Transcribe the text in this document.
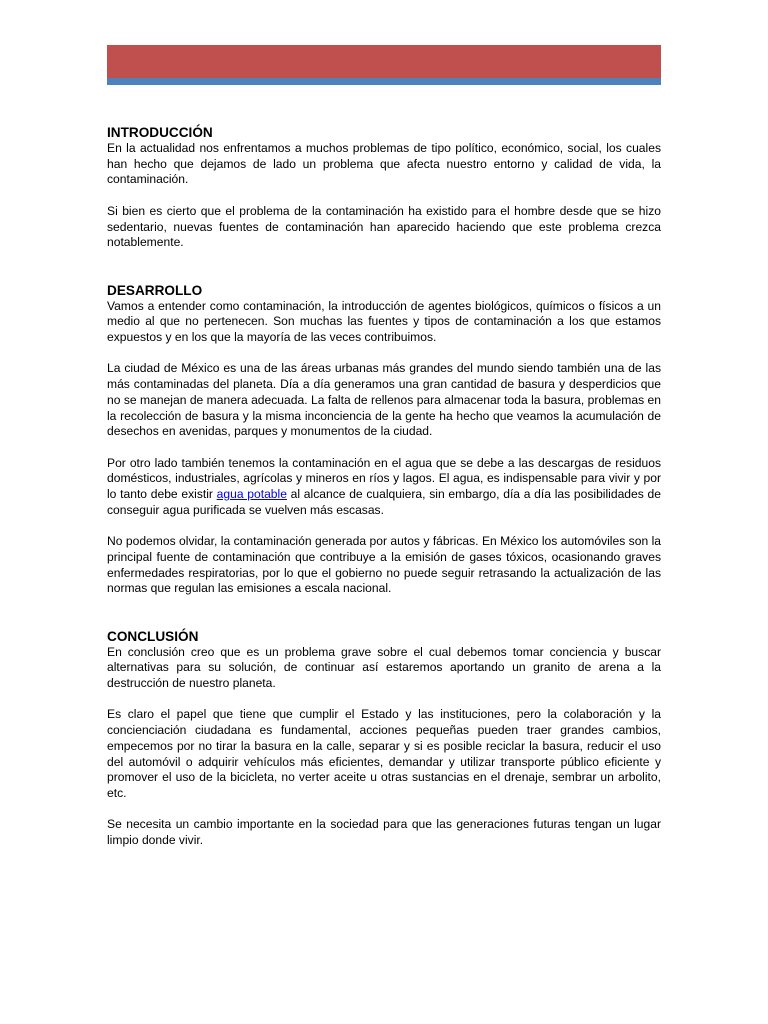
INTRODUCCIÓN

En la actualidad nos enfrentamos a muchos problemas de tipo político, económico, social, los cuales han hecho que dejamos de lado un problema que afecta nuestro entorno y calidad de vida, la contaminación.

Si bien es cierto que el problema de la contaminación ha existido para el hombre desde que se hizo sedentario, nuevas fuentes de contaminación han aparecido haciendo que este problema crezca notablemente.

DESARROLLO

Vamos a entender como contaminación, la introducción de agentes biológicos, químicos o físicos a un medio al que no pertenecen. Son muchas las fuentes y tipos de contaminación a los que estamos expuestos y en los que la mayoría de las veces contribuimos.

La ciudad de México es una de las áreas urbanas más grandes del mundo siendo también una de las más contaminadas del planeta. Día a día generamos una gran cantidad de basura y desperdicios que no se manejan de manera adecuada. La falta de rellenos para almacenar toda la basura, problemas en la recolección de basura y la misma inconciencia de la gente ha hecho que veamos la acumulación de desechos en avenidas, parques y monumentos de la ciudad.

Por otro lado también tenemos la contaminación en el agua que se debe a las descargas de residuos domésticos, industriales, agrícolas y mineros en ríos y lagos. El agua, es indispensable para vivir y por lo tanto debe existir agua potable al alcance de cualquiera, sin embargo, día a día las posibilidades de conseguir agua purificada se vuelven más escasas.

No podemos olvidar, la contaminación generada por autos y fábricas. En México los automóviles son la principal fuente de contaminación que contribuye a la emisión de gases tóxicos, ocasionando graves enfermedades respiratorias, por lo que el gobierno no puede seguir retrasando la actualización de las normas que regulan las emisiones a escala nacional.

CONCLUSIÓN

En conclusión creo que es un problema grave sobre el cual debemos tomar conciencia y buscar alternativas para su solución, de continuar así estaremos aportando un granito de arena a la destrucción de nuestro planeta.

Es claro el papel que tiene que cumplir el Estado y las instituciones, pero la colaboración y la concienciación ciudadana es fundamental, acciones pequeñas pueden traer grandes cambios, empecemos por no tirar la basura en la calle, separar y si es posible reciclar la basura, reducir el uso del automóvil o adquirir vehículos más eficientes, demandar y utilizar transporte público eficiente y promover el uso de la bicicleta, no verter aceite u otras sustancias en el drenaje, sembrar un arbolito, etc.

Se necesita un cambio importante en la sociedad para que las generaciones futuras tengan un lugar limpio donde vivir.
